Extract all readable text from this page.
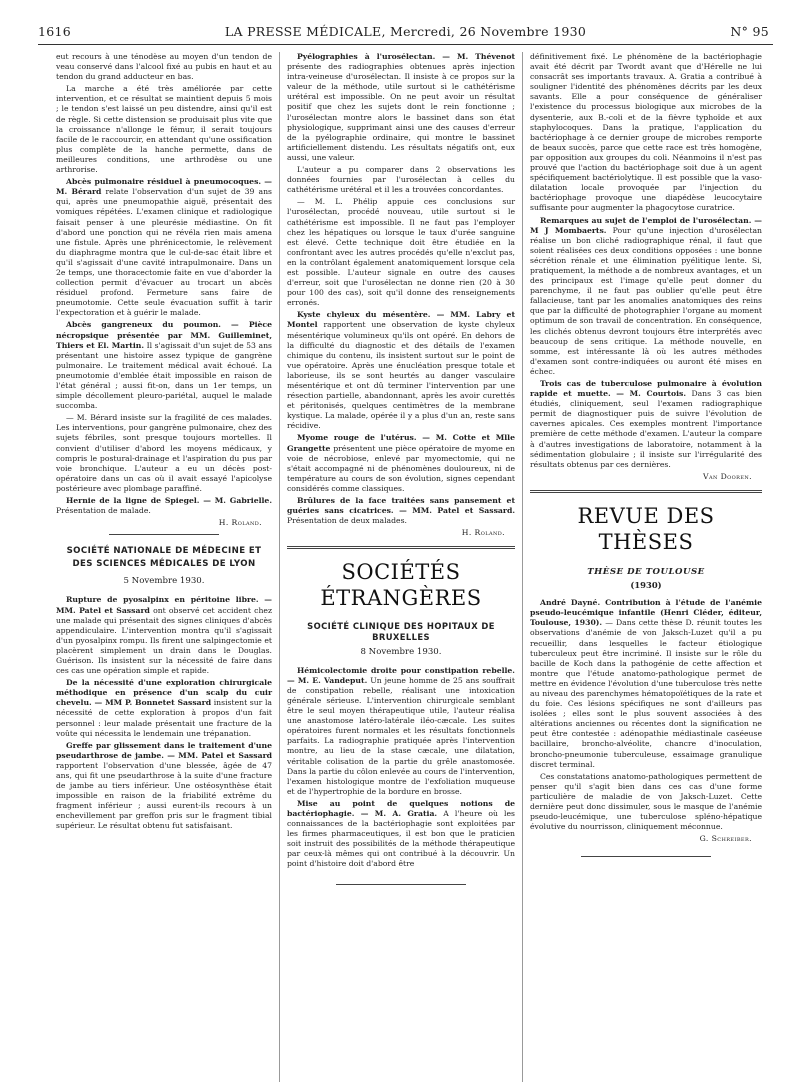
1616	LA PRESSE MÉDICALE, Mercredi, 26 Novembre 1930	N° 95

eut recours à une ténodèse au moyen d'un tendon de veau conservé dans l'alcool fixé au pubis en haut et au tendon du grand adducteur en bas.

La marche a été très améliorée par cette intervention, et ce résultat se maintient depuis 5 mois ; le tendon s'est laissé un peu distendre, ainsi qu'il est de règle. Si cette distension se produisait plus vite que la croissance n'allonge le fémur, il serait toujours facile de le raccourcir, en attendant qu'une ossification plus complète de la hanche permette, dans de meilleures conditions, une arthrodèse ou une arthrorise.

Abcès pulmonaire résiduel à pneumocoques. — M. Bérard relate l'observation d'un sujet de 39 ans qui, après une pneumopathie aiguë, présentait des vomiques répétées. L'examen clinique et radiologique faisait penser à une pleurésie médiastine. On fit d'abord une ponction qui ne révéla rien mais amena une fistule. Après une phrénicectomie, le relèvement du diaphragme montra que le cul-de-sac était libre et qu'il s'agissait d'une cavité intrapulmonaire. Dans un 2e temps, une thoracectomie faite en vue d'aborder la collection permit d'évacuer au trocart un abcès résiduel profond. Fermeture sans faire de pneumotomie. Cette seule évacuation suffit à tarir l'expectoration et à guérir le malade.

Abcès gangreneux du poumon. — Pièce nécropsique présentée par MM. Guilleminet, Thiers et El. Martin. Il s'agissait d'un sujet de 53 ans présentant une histoire assez typique de gangrène pulmonaire. Le traitement médical avait échoué. La pneumotomie d'emblée était impossible en raison de l'état général ; aussi fit-on, dans un 1er temps, un simple décollement pleuro-pariétal, auquel le malade succomba.

— M. Bérard insiste sur la fragilité de ces malades. Les interventions, pour gangrène pulmonaire, chez des sujets fébriles, sont presque toujours mortelles. Il convient d'utiliser d'abord les moyens médicaux, y compris le postural-drainage et l'aspiration du pus par voie bronchique. L'auteur a eu un décès post-opératoire dans un cas où il avait essayé l'apicolyse postérieure avec plombage paraffiné.

Hernie de la ligne de Spiegel. — M. Gabrielle. Présentation de malade.

H. Roland.

SOCIÉTÉ NATIONALE DE MÉDECINE ET DES SCIENCES MÉDICALES DE LYON
5 Novembre 1930.

Rupture de pyosalpinx en péritoine libre. — MM. Patel et Sassard ont observé cet accident chez une malade qui présentait des signes cliniques d'abcès appendiculaire. L'intervention montra qu'il s'agissait d'un pyosalpinx rompu. Ils firent une salpingectomie et placèrent simplement un drain dans le Douglas. Guérison. Ils insistent sur la nécessité de faire dans ces cas une opération simple et rapide.

De la nécessité d'une exploration chirurgicale méthodique en présence d'un scalp du cuir chevelu. — MM P. Bonnetet Sassard insistent sur la nécessité de cette exploration à propos d'un fait personnel : leur malade présentait une fracture de la voûte qui nécessita le lendemain une trépanation.

Greffe par glissement dans le traitement d'une pseudarthrose de jambe. — MM. Patel et Sassard rapportent l'observation d'une blessée, âgée de 47 ans, qui fit une pseudarthrose à la suite d'une fracture de jambe au tiers inférieur. Une ostéosynthèse était impossible en raison de la friabilité extrême du fragment inférieur ; aussi eurent-ils recours à un enchevillement par greffon pris sur le fragment tibial supérieur. Le résultat obtenu fut satisfaisant.

Pyélographies à l'urosélectan. — M. Thévenot présente des radiographies obtenues après injection intra-veineuse d'urosélectan. Il insiste à ce propos sur la valeur de la méthode, utile surtout si le cathétérisme urétéral est impossible. On ne peut avoir un résultat positif que chez les sujets dont le rein fonctionne ; l'urosélectan montre alors le bassinet dans son état physiologique, supprimant ainsi une des causes d'erreur de la pyélographie ordinaire, qui montre le bassinet artificiellement distendu. Les résultats négatifs ont, eux aussi, une valeur.

L'auteur a pu comparer dans 2 observations les données fournies par l'urosélectan à celles du cathétérisme urétéral et il les a trouvées concordantes.

— M. L. Phélip appuie ces conclusions sur l'urosélectan, procédé nouveau, utile surtout si le cathétérisme est impossible. Il ne faut pas l'employer chez les hépatiques ou lorsque le taux d'urée sanguine est élevé. Cette technique doit être étudiée en la confrontant avec les autres procédés qu'elle n'exclut pas, en la contrôlant également anatomiquement lorsque cela est possible. L'auteur signale en outre des causes d'erreur, soit que l'urosélectan ne donne rien (20 à 30 pour 100 des cas), soit qu'il donne des renseignements erronés.

Kyste chyleux du mésentère. — MM. Labry et Montel rapportent une observation de kyste chyleux mésentérique volumineux qu'ils ont opéré. En dehors de la difficulté du diagnostic et des détails de l'examen chimique du contenu, ils insistent surtout sur le point de vue opératoire. Après une énucléation presque totale et laborieuse, ils se sont heurtés au danger vasculaire mésentérique et ont dû terminer l'intervention par une résection partielle, abandonnant, après les avoir curettés et péritonisés, quelques centimètres de la membrane kystique. La malade, opérée il y a plus d'un an, reste sans récidive.

Myome rouge de l'utérus. — M. Cotte et Mlle Grangette présentent une pièce opératoire de myome en voie de nécrobiose, enlevé par myomectomie, qui ne s'était accompagné ni de phénomènes douloureux, ni de température au cours de son évolution, signes cependant considérés comme classiques.

Brûlures de la face traitées sans pansement et guéries sans cicatrices. — MM. Patel et Sassard. Présentation de deux malades.

H. Roland.

SOCIÉTÉS ÉTRANGÈRES
SOCIÉTÉ CLINIQUE DES HOPITAUX DE BRUXELLES
8 Novembre 1930.

Hémicolectomie droite pour constipation rebelle. — M. E. Vandeput. Un jeune homme de 25 ans souffrait de constipation rebelle, réalisant une intoxication générale sérieuse. L'intervention chirurgicale semblant être le seul moyen thérapeutique utile, l'auteur réalisa une anastomose latéro-latérale iléo-cæcale. Les suites opératoires furent normales et les résultats fonctionnels parfaits. La radiographie pratiquée après l'intervention montre, au lieu de la stase cæcale, une dilatation, véritable colisation de la partie du grêle anastomosée. Dans la partie du côlon enlevée au cours de l'intervention, l'examen histologique montre de l'exfoliation muqueuse et de l'hypertrophie de la bordure en brosse.

Mise au point de quelques notions de bactériophagie. — M. A. Gratia. A l'heure où les connaissances de la bactériophagie sont exploitées par les firmes pharmaceutiques, il est bon que le praticien soit instruit des possibilités de la méthode thérapeutique par ceux-là mêmes qui ont contribué à la découvrir. Un point d'histoire doit d'abord être

définitivement fixé. Le phénomène de la bactériophagie avait été décrit par Twordt avant que d'Hérelle ne lui consacrât ses importants travaux. A. Gratia a contribué à souligner l'identité des phénomènes décrits par les deux savants. Elle a pour conséquence de généraliser l'existence du processus biologique aux microbes de la dysenterie, aux B.-coli et de la fièvre typhoïde et aux staphylocoques. Dans la pratique, l'application du bactériophage à ce dernier groupe de microbes remporte de beaux succès, parce que cette race est très homogène, par opposition aux groupes du coli. Néanmoins il n'est pas prouvé que l'action du bactériophage soit due à un agent spécifiquement bactériolytique. Il est possible que la vaso-dilatation locale provoquée par l'injection du bactériophage provoque une diapédèse leucocytaire suffisante pour augmenter la phagocytose curatrice.

Remarques au sujet de l'emploi de l'urosélectan. — M J Mombaerts. Pour qu'une injection d'urosélectan réalise un bon cliché radiographique rénal, il faut que soient réalisées ces deux conditions opposées : une bonne sécrétion rénale et une élimination pyélitique lente. Si, pratiquement, la méthode a de nombreux avantages, et un des principaux est l'image qu'elle peut donner du parenchyme, il ne faut pas oublier qu'elle peut être fallacieuse, tant par les anomalies anatomiques des reins que par la difficulté de photographier l'organe au moment optimum de son travail de concentration. En conséquence, les clichés obtenus devront toujours être interprétés avec beaucoup de sens critique. La méthode nouvelle, en somme, est intéressante là où les autres méthodes d'examen sont contre-indiquées ou auront été mises en échec.

Trois cas de tuberculose pulmonaire à évolution rapide et muette. — M. Courtois. Dans 3 cas bien étudiés, cliniquement, seul l'examen radiographique permit de diagnostiquer puis de suivre l'évolution de cavernes apicales. Ces exemples montrent l'importance première de cette méthode d'examen. L'auteur la compare à d'autres investigations de laboratoire, notamment à la sédimentation globulaire ; il insiste sur l'irrégularité des résultats obtenus par ces dernières.

Van Dooren.

REVUE DES THÈSES
THÈSE DE TOULOUSE
(1930)

André Dayné. Contribution à l'étude de l'anémie pseudo-leucémique infantile (Henri Cléder, éditeur, Toulouse, 1930). — Dans cette thèse D. réunit toutes les observations d'anémie de von Jaksch-Luzet qu'il a pu recueillir, dans lesquelles le facteur étiologique tuberculeux peut être incriminé. Il insiste sur le rôle du bacille de Koch dans la pathogénie de cette affection et montre que l'étude anatomo-pathologique permet de mettre en évidence l'évolution d'une tuberculose très nette au niveau des parenchymes hématopoïétiques de la rate et du foie. Ces lésions spécifiques ne sont d'ailleurs pas isolées ; elles sont le plus souvent associées à des altérations anciennes ou récentes dont la signification ne peut être contestée : adénopathie médiastinale caséeuse bacillaire, broncho-alvéolite, chancre d'inoculation, broncho-pneumonie tuberculeuse, essaimage granulique discret terminal.

Ces constatations anatomo-pathologiques permettent de penser qu'il s'agit bien dans ces cas d'une forme particulière de maladie de von Jaksch-Luzet. Cette dernière peut donc dissimuler, sous le masque de l'anémie pseudo-leucémique, une tuberculose spléno-hépatique évolutive du nourrisson, cliniquement méconnue.

G. Schreiber.
